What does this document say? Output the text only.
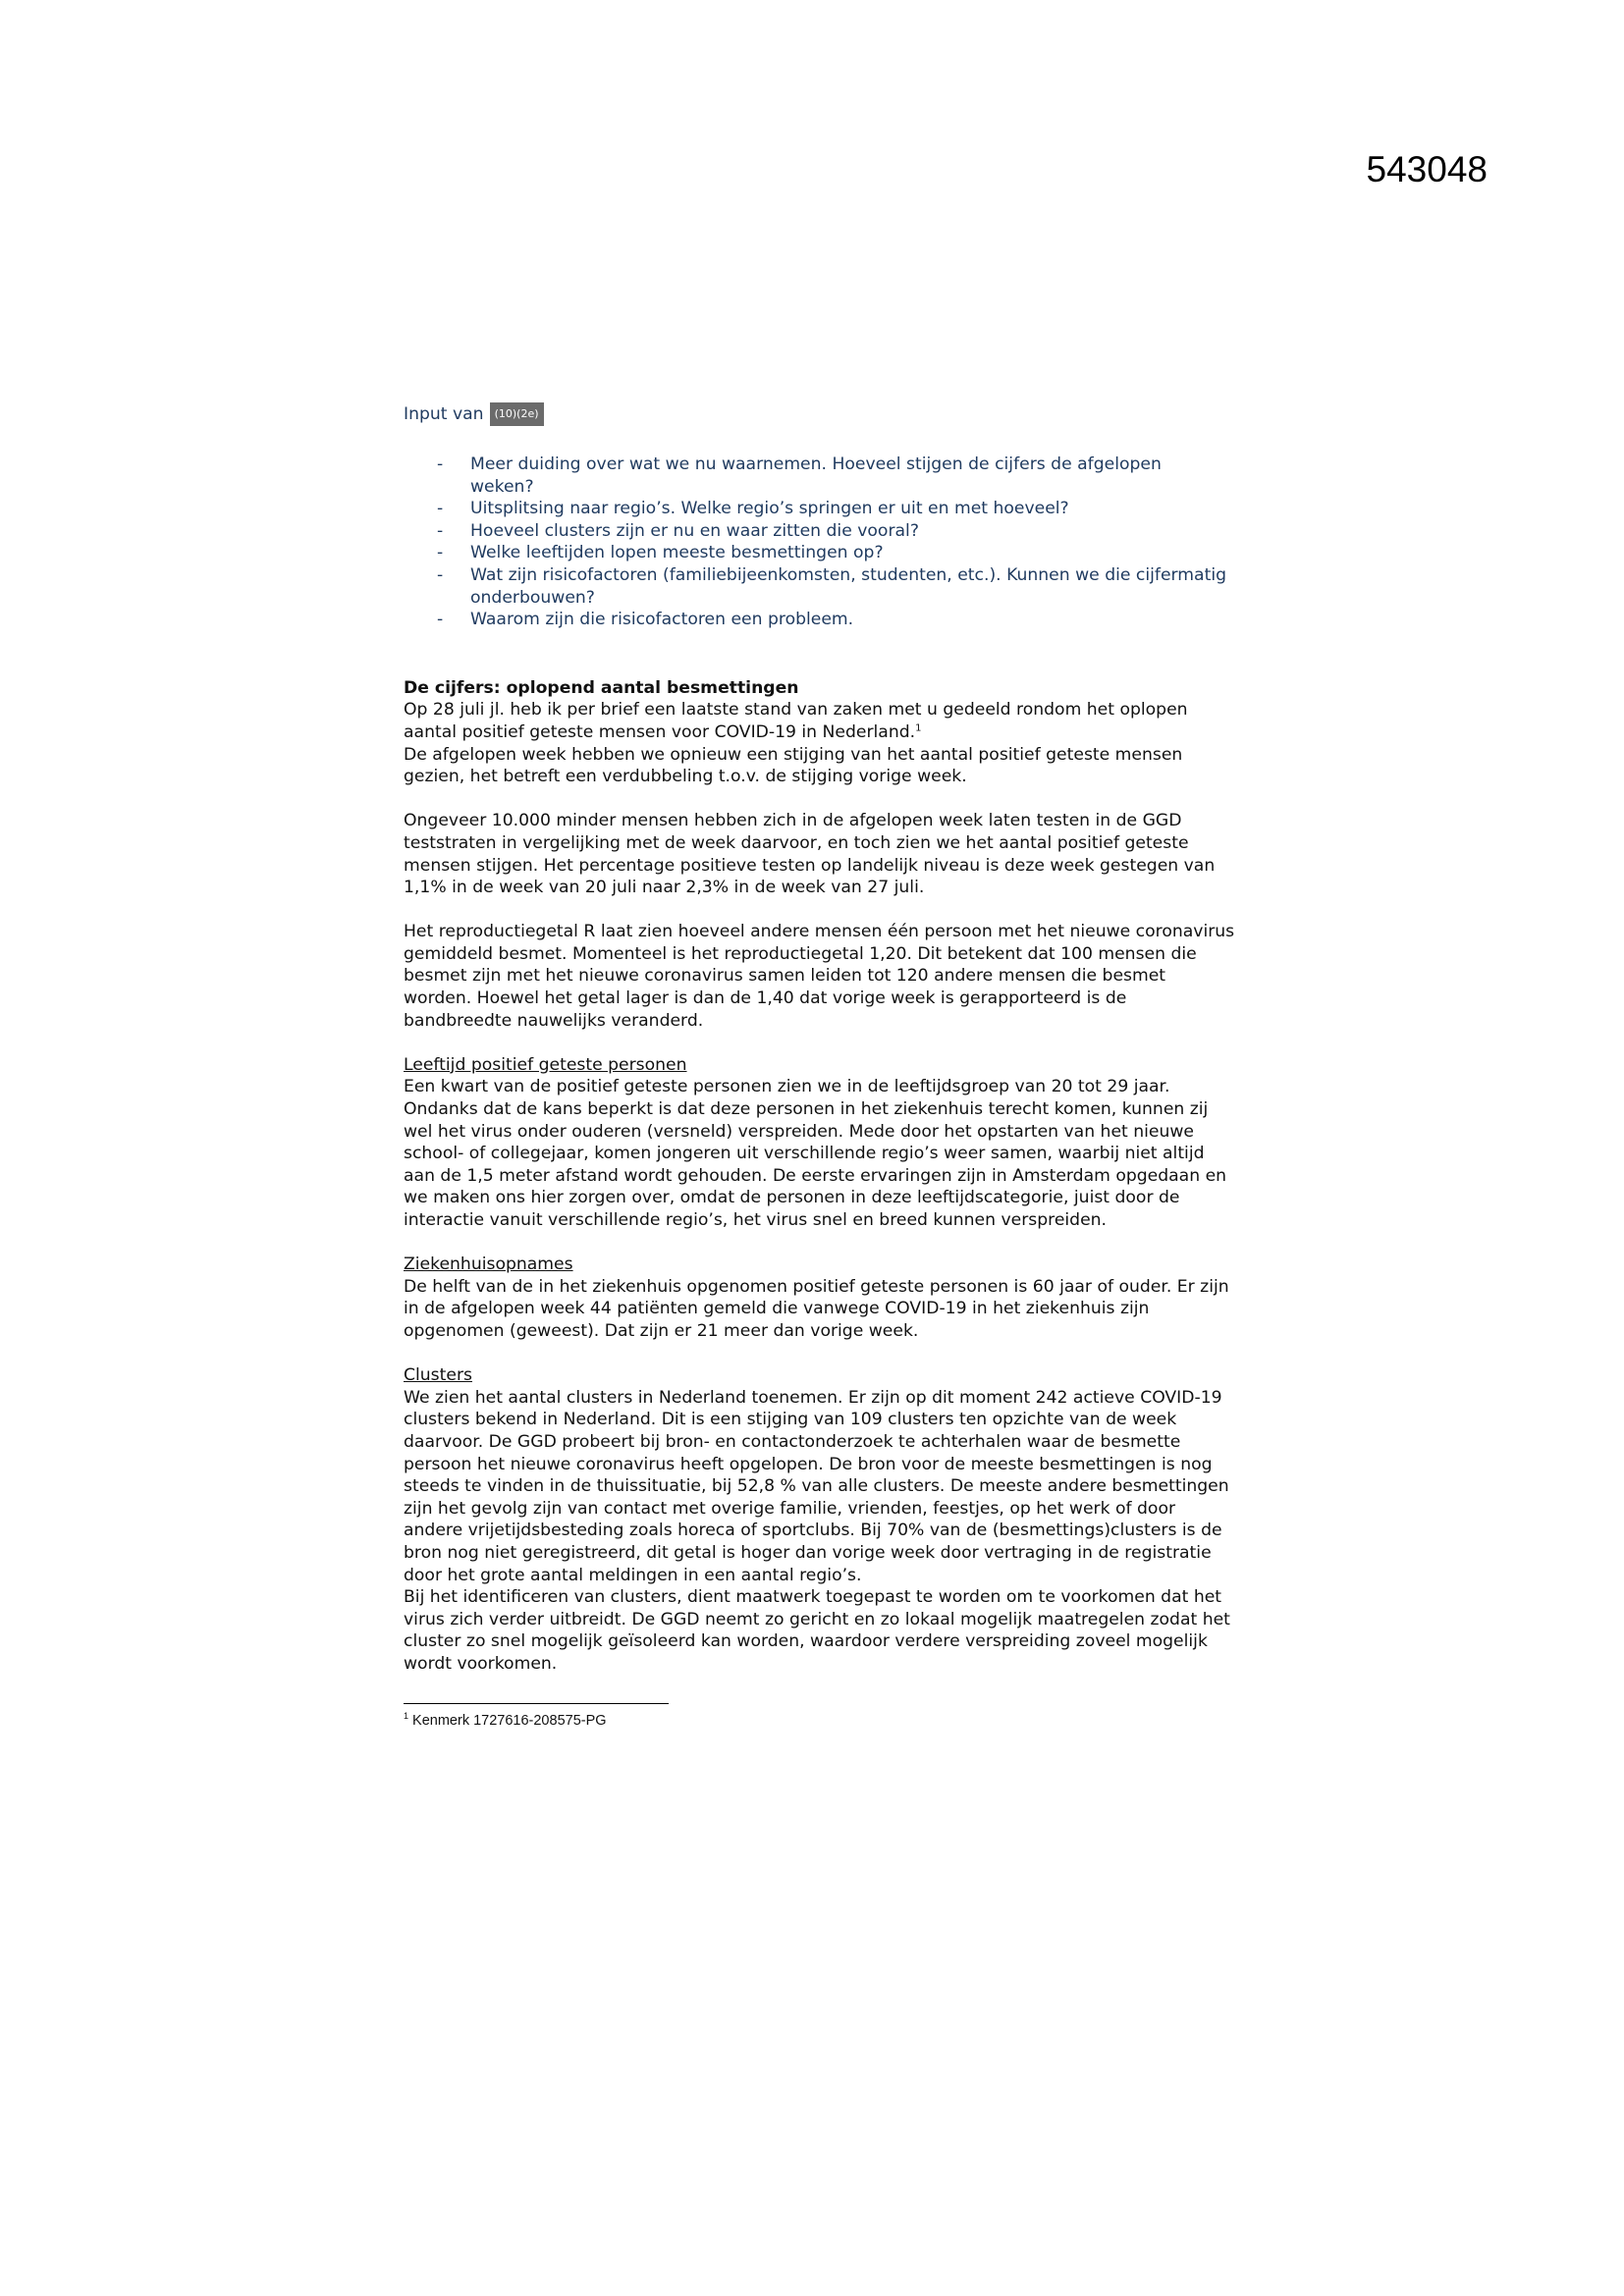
543048
Input van	(10)(2e)
-	Meer duiding over wat we nu waarnemen. Hoeveel stijgen de cijfers de afgelopen weken?
-	Uitsplitsing naar regio’s. Welke regio’s springen er uit en met hoeveel?
-	Hoeveel clusters zijn er nu en waar zitten die vooral?
-	Welke leeftijden lopen meeste besmettingen op?
-	Wat zijn risicofactoren (familiebijeenkomsten, studenten, etc.). Kunnen we die cijfermatig onderbouwen?
-	Waarom zijn die risicofactoren een probleem.
De cijfers: oplopend aantal besmettingen

Op 28 juli jl. heb ik per brief een laatste stand van zaken met u gedeeld rondom het oplopen aantal positief geteste mensen voor COVID-19 in Nederland.$^1$

De afgelopen week hebben we opnieuw een stijging van het aantal positief geteste mensen gezien, het betreft een verdubbeling t.o.v. de stijging vorige week.

Ongeveer 10.000 minder mensen hebben zich in de afgelopen week laten testen in de GGD teststraten in vergelijking met de week daarvoor, en toch zien we het aantal positief geteste mensen stijgen. Het percentage positieve testen op landelijk niveau is deze week gestegen van 1,1% in de week van 20 juli naar 2,3% in de week van 27 juli.

Het reproductiegetal R laat zien hoeveel andere mensen één persoon met het nieuwe coronavirus gemiddeld besmet. Momenteel is het reproductiegetal 1,20. Dit betekent dat 100 mensen die besmet zijn met het nieuwe coronavirus samen leiden tot 120 andere mensen die besmet worden. Hoewel het getal lager is dan de 1,40 dat vorige week is gerapporteerd is de bandbreedte nauwelijks veranderd.

Leeftijd positief geteste personen

Een kwart van de positief geteste personen zien we in de leeftijdsgroep van 20 tot 29 jaar. Ondanks dat de kans beperkt is dat deze personen in het ziekenhuis terecht komen, kunnen zij wel het virus onder ouderen (versneld) verspreiden. Mede door het opstarten van het nieuwe school- of collegejaar, komen jongeren uit verschillende regio’s weer samen, waarbij niet altijd aan de 1,5 meter afstand wordt gehouden. De eerste ervaringen zijn in Amsterdam opgedaan en we maken ons hier zorgen over, omdat de personen in deze leeftijdscategorie, juist door de interactie vanuit verschillende regio’s, het virus snel en breed kunnen verspreiden.

Ziekenhuisopnames

De helft van de in het ziekenhuis opgenomen positief geteste personen is 60 jaar of ouder. Er zijn in de afgelopen week 44 patiënten gemeld die vanwege COVID-19 in het ziekenhuis zijn opgenomen (geweest). Dat zijn er 21 meer dan vorige week.

Clusters

We zien het aantal clusters in Nederland toenemen. Er zijn op dit moment 242 actieve COVID-19 clusters bekend in Nederland. Dit is een stijging van 109 clusters ten opzichte van de week daarvoor. De GGD probeert bij bron- en contactonderzoek te achterhalen waar de besmette persoon het nieuwe coronavirus heeft opgelopen. De bron voor de meeste besmettingen is nog steeds te vinden in de thuissituatie, bij 52,8 % van alle clusters. De meeste andere besmettingen zijn het gevolg zijn van contact met overige familie, vrienden, feestjes, op het werk of door andere vrijetijdsbesteding zoals horeca of sportclubs. Bij 70% van de (besmettings)clusters is de bron nog niet geregistreerd, dit getal is hoger dan vorige week door vertraging in de registratie door het grote aantal meldingen in een aantal regio’s.

Bij het identificeren van clusters, dient maatwerk toegepast te worden om te voorkomen dat het virus zich verder uitbreidt. De GGD neemt zo gericht en zo lokaal mogelijk maatregelen zodat het cluster zo snel mogelijk geïsoleerd kan worden, waardoor verdere verspreiding zoveel mogelijk wordt voorkomen.

$^1$ Kenmerk 1727616-208575-PG
